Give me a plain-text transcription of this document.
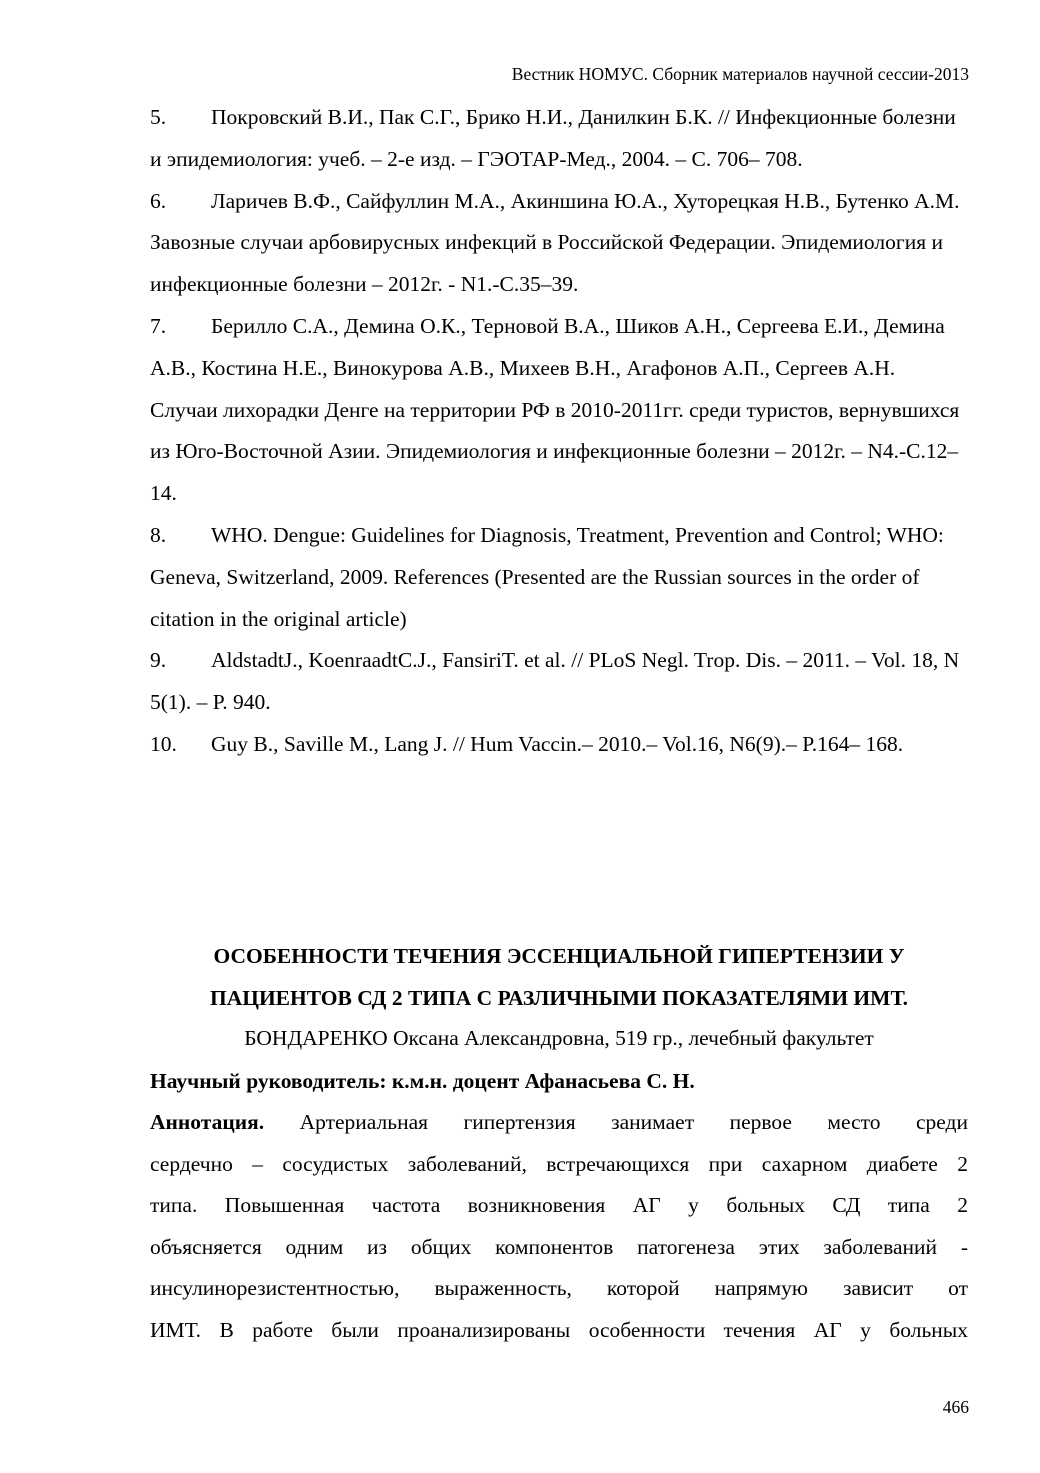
Вестник НОМУС. Сборник материалов научной сессии-2013

5. Покровский В.И., Пак С.Г., Брико Н.И., Данилкин Б.К. // Инфекционные болезни и эпидемиология: учеб. – 2-е изд. – ГЭОТАР-Мед., 2004. – С. 706– 708.

6. Ларичев В.Ф., Сайфуллин М.А., Акиншина Ю.А., Хуторецкая Н.В., Бутенко А.М. Завозные случаи арбовирусных инфекций в Российской Федерации. Эпидемиология и инфекционные болезни – 2012г. - N1.-С.35–39.

7. Берилло С.А., Демина О.К., Терновой В.А., Шиков А.Н., Сергеева Е.И., Демина А.В., Костина Н.Е., Винокурова А.В., Михеев В.Н., Агафонов А.П., Сергеев А.Н. Случаи лихорадки Денге на территории РФ в 2010-2011гг. среди туристов, вернувшихся из Юго-Восточной Азии. Эпидемиология и инфекционные болезни – 2012г. – N4.-С.12–14.

8. WHO. Dengue: Guidelines for Diagnosis, Treatment, Prevention and Control; WHO: Geneva, Switzerland, 2009. References (Presented are the Russian sources in the order of citation in the original article)

9. AldstadtJ., KoenraadtC.J., FansiriT. et al. // PLoS Negl. Trop. Dis. – 2011. – Vol. 18, N 5(1). – P. 940.

10. Guy B., Saville M., Lang J. // Hum Vaccin.– 2010.– Vol.16, N6(9).– P.164– 168.

ОСОБЕННОСТИ ТЕЧЕНИЯ ЭССЕНЦИАЛЬНОЙ ГИПЕРТЕНЗИИ У
ПАЦИЕНТОВ СД 2 ТИПА С РАЗЛИЧНЫМИ ПОКАЗАТЕЛЯМИ ИМТ.
БОНДАРЕНКО Оксана Александровна, 519 гр., лечебный факультет
Научный руководитель: к.м.н. доцент Афанасьева С. Н.
Аннотация. Артериальная гипертензия занимает первое место среди
сердечно – сосудистых заболеваний, встречающихся при сахарном диабете 2
типа. Повышенная частота возникновения АГ у больных СД типа 2
объясняется одним из общих компонентов патогенеза этих заболеваний -
инсулинорезистентностью, выраженность, которой напрямую зависит от
ИМТ. В работе были проанализированы особенности течения АГ у больных
466
